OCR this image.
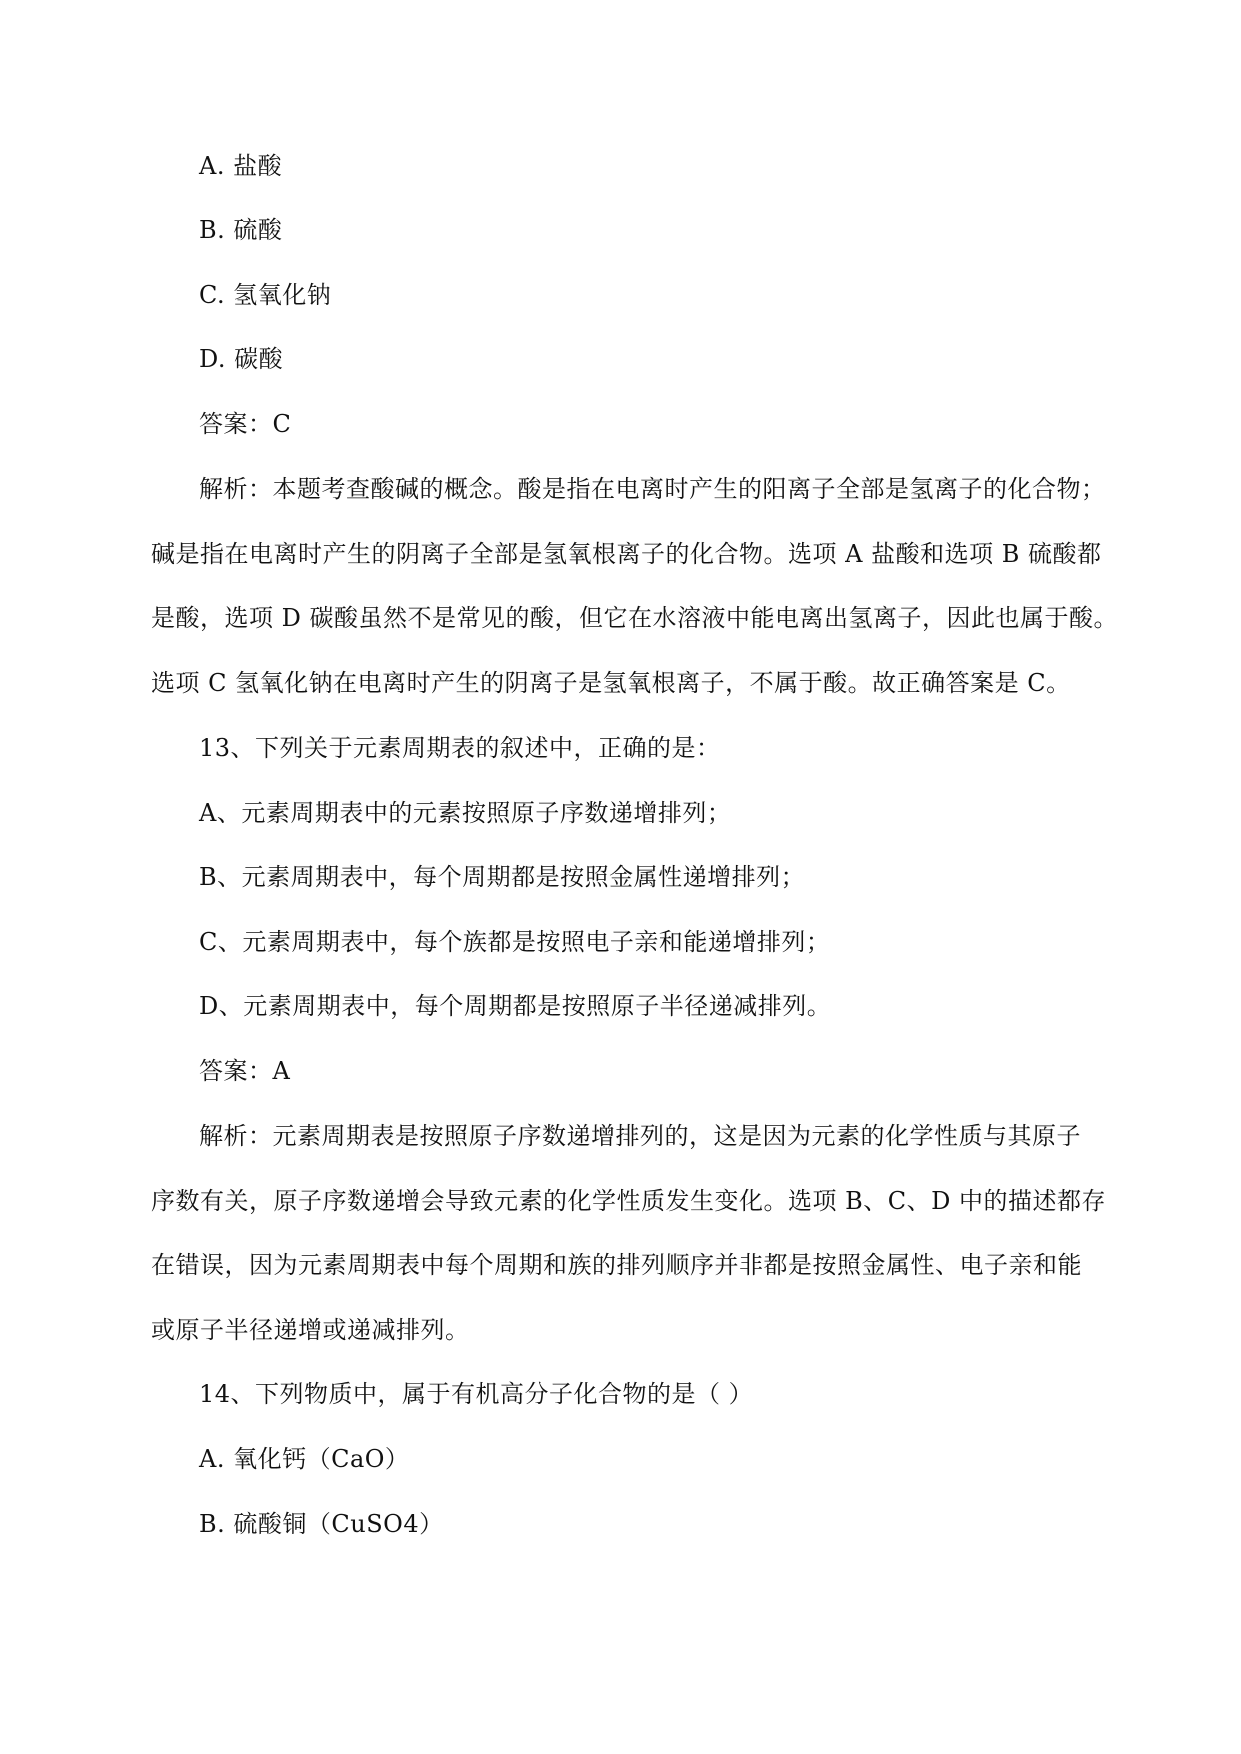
A. 盐酸
B. 硫酸
C. 氢氧化钠
D. 碳酸
答案：C
解析：本题考查酸碱的概念。酸是指在电离时产生的阳离子全部是氢离子的化合物；
碱是指在电离时产生的阴离子全部是氢氧根离子的化合物。选项 A 盐酸和选项 B 硫酸都
是酸，选项 D 碳酸虽然不是常见的酸，但它在水溶液中能电离出氢离子，因此也属于酸。
选项 C 氢氧化钠在电离时产生的阴离子是氢氧根离子，不属于酸。故正确答案是 C。
13、下列关于元素周期表的叙述中，正确的是：
A、元素周期表中的元素按照原子序数递增排列；
B、元素周期表中，每个周期都是按照金属性递增排列；
C、元素周期表中，每个族都是按照电子亲和能递增排列；
D、元素周期表中，每个周期都是按照原子半径递减排列。
答案：A
解析：元素周期表是按照原子序数递增排列的，这是因为元素的化学性质与其原子
序数有关，原子序数递增会导致元素的化学性质发生变化。选项 B、C、D 中的描述都存
在错误，因为元素周期表中每个周期和族的排列顺序并非都是按照金属性、电子亲和能
或原子半径递增或递减排列。
14、下列物质中，属于有机高分子化合物的是（ ）
A. 氧化钙（CaO）
B. 硫酸铜（CuSO4）
